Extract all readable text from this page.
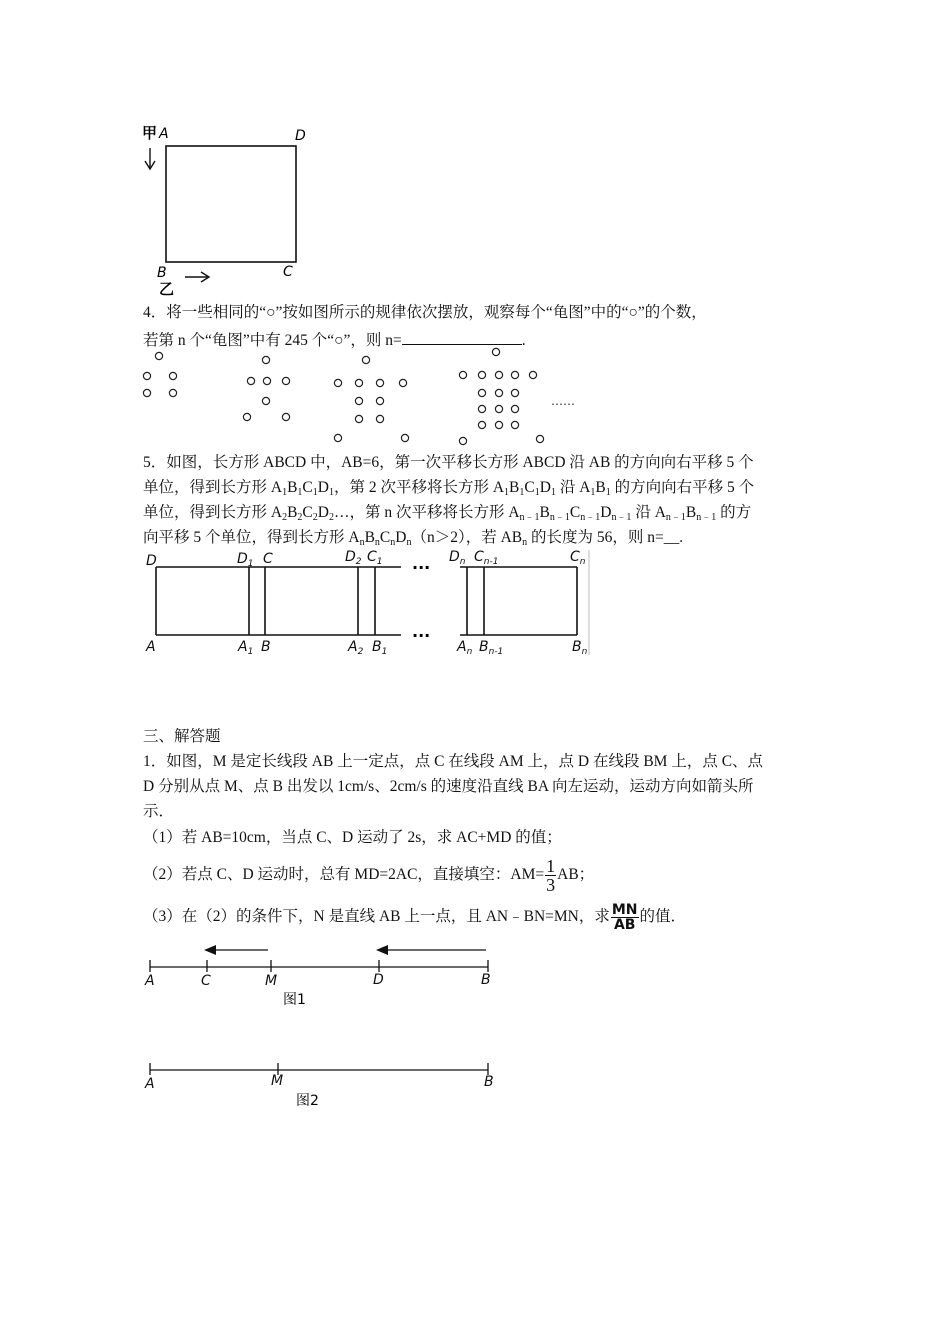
甲 A	D
B	C
乙
4．将一些相同的“○”按如图所示的规律依次摆放，观察每个“龟图”中的“○”的个数，
若第 n 个“龟图”中有 245 个“○”，则 n=	.
……
5．如图，长方形 ABCD 中，AB=6，第一次平移长方形 ABCD 沿 AB 的方向向右平移 5 个
单位，得到长方形 $A_1B_1C_1D_1$，第 2 次平移将长方形 $A_1B_1C_1D_1$ 沿 $A_1B_1$ 的方向向右平移 5 个
单位，得到长方形 $A_2B_2C_2D_2\dots$，第 n 次平移将长方形 $A_{n﹣1}B_{n﹣1}C_{n﹣1}D_{n﹣1}$ 沿 $A_{n﹣1}B_{n﹣1}$ 的方
向平移 5 个单位，得到长方形 $A_nB_nC_nD_n(n>2)$，若 $AB_n$ 的长度为 56，则 n=__.
D	$D_1$ C	$D_2$ $C_1$	$D_n$ $C_{n-1}$	$C_n$
A	$A_1$ B	$A_2$ $B_1$	$A_n$ $B_{n-1}$	$B_n$
···
···
三、解答题
1．如图，M 是定长线段 AB 上一定点，点 C 在线段 AM 上，点 D 在线段 BM 上，点 C、点
D 分别从点 M、点 B 出发以 1cm/s、2cm/s 的速度沿直线 BA 向左运动，运动方向如箭头所
示．
（1）若 AB=10cm，当点 C、D 运动了 2s，求 AC+MD 的值；
（2）若点 C、D 运动时，总有 MD=2AC，直接填空：$AM= \frac{1}{3}$ AB；
（3）在（2）的条件下，N 是直线 AB 上一点，且 AN﹣BN=MN，求 $\frac{MN}{AB}$ 的值．
A	C	M	D	B
图1
A	M	B
图2
